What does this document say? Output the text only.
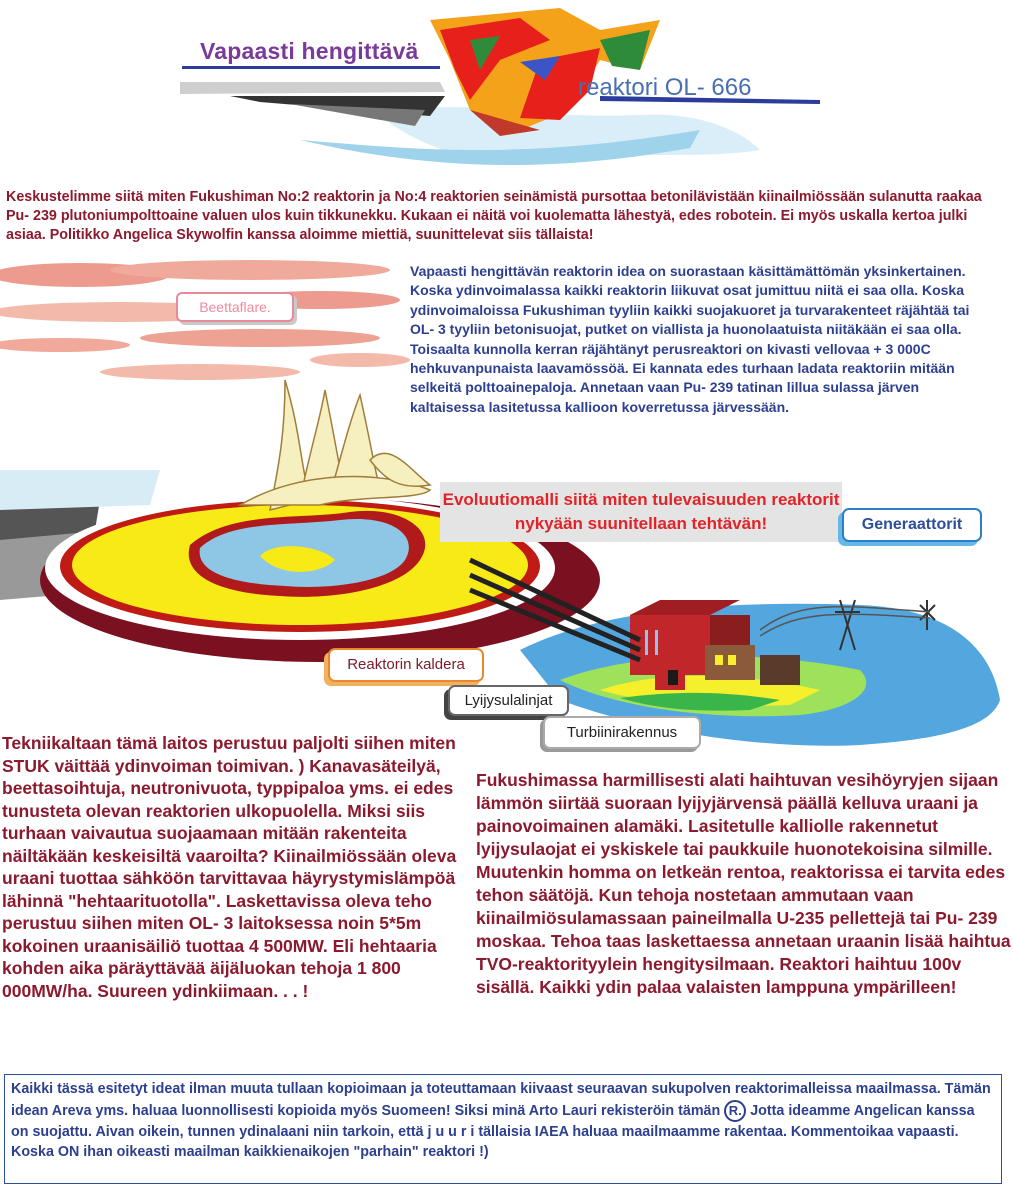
Vapaasti hengittävä
reaktori OL- 666
Keskustelimme siitä miten Fukushiman No:2 reaktorin ja No:4 reaktorien seinämistä pursottaa betonilävistään kiinailmiössään sulanutta raakaa Pu- 239 plutoniumpolttoaine valuen ulos kuin tikkunekku. Kukaan ei näitä voi kuolematta lähestyä, edes robotein. Ei myös uskalla kertoa julki asiaa. Politikko Angelica Skywolfin kanssa aloimme miettiä, suunittelevat siis tällaista!
Vapaasti hengittävän reaktorin idea on suorastaan käsittämättömän yksinkertainen. Koska ydinvoimalassa kaikki reaktorin liikuvat osat jumittuu niitä ei saa olla. Koska ydinvoimaloissa Fukushiman tyyliin kaikki suojakuoret ja turvarakenteet räjähtää tai OL- 3 tyyliin betonisuojat, putket on viallista ja huonolaatuista niitäkään ei saa olla. Toisaalta kunnolla kerran räjähtänyt perusreaktori on kivasti vellovaa + 3 000C hehkuvanpunaista laavamössöä. Ei kannata edes turhaan ladata reaktoriin mitään selkeitä polttoainepaloja. Annetaan vaan Pu- 239 tatinan lillua sulassa järven kaltaisessa lasitetussa kallioon koverretussa järvessään.
Beettaflare.
Evoluutiomalli siitä miten tulevaisuuden reaktorit nykyään suunitellaan tehtävän!	Generaattorit
Reaktorin kaldera
Lyijysulalinjat
Turbiinirakennus
Tekniikaltaan tämä laitos perustuu paljolti siihen miten STUK väittää ydinvoiman toimivan. ) Kanavasäteilyä, beettasoihtuja, neutronivuota, typpipaloa yms. ei edes tunusteta olevan reaktorien ulkopuolella. Miksi siis turhaan vaivautua suojaamaan mitään rakenteita näiltäkään keskeisiltä vaaroilta? Kiinailmiössään oleva uraani tuottaa sähköön tarvittavaa häyrystymislämpöä lähinnä "hehtaarituotolla". Laskettavissa oleva teho perustuu siihen miten OL- 3 laitoksessa noin 5*5m kokoinen uraanisäiliö tuottaa 4 500MW. Eli hehtaaria kohden aika päräyttävää äijäluokan tehoja 1 800 000MW/ha. Suureen ydinkiimaan. . . !
Fukushimassa harmillisesti alati haihtuvan vesihöyryjen sijaan lämmön siirtää suoraan lyijyjärvensä päällä kelluva uraani ja painovoimainen alamäki. Lasitetulle kalliolle rakennetut lyijysulaojat ei yskiskele tai paukkuile huonotekoisina silmille. Muutenkin homma on letkeän rentoa, reaktorissa ei tarvita edes tehon säätöjä. Kun tehoja nostetaan ammutaan vaan kiinailmiösulamassaan paineilmalla U-235 pellettejä tai Pu- 239 moskaa. Tehoa taas laskettaessa annetaan uraanin lisää haihtua TVO-reaktorityylein hengitysilmaan. Reaktori haihtuu 100v sisällä. Kaikki ydin palaa valaisten lamppuna ympärilleen!
Kaikki tässä esitetyt ideat ilman muuta tullaan kopioimaan ja toteuttamaan kiivaast seuraavan sukupolven reaktorimalleissa maailmassa. Tämän idean Areva yms. haluaa luonnollisesti kopioida myös Suomeen! Siksi minä Arto Lauri rekisteröin tämän R. Jotta ideamme Angelican kanssa on suojattu. Aivan oikein, tunnen ydinalaani niin tarkoin, että j u u r i tällaisia IAEA haluaa maailmaamme rakentaa. Kommentoikaa vapaasti. Koska ON ihan oikeasti maailman kaikkienaikojen "parhain" reaktori !)
